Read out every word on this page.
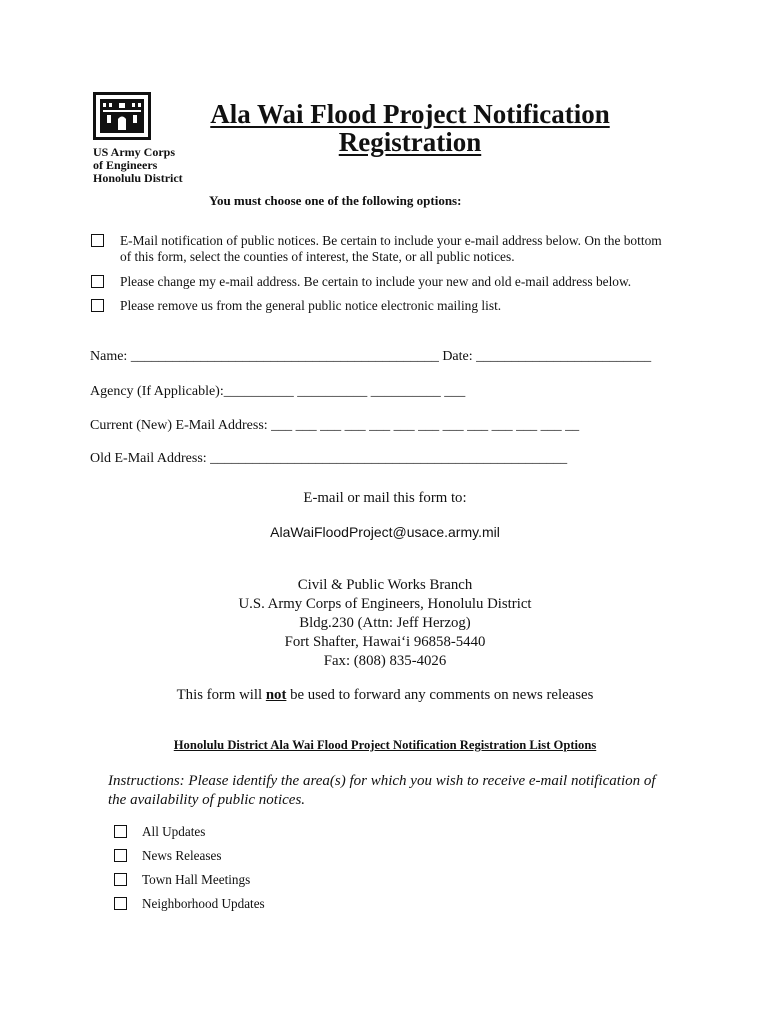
US Army Corps
of Engineers
Honolulu District
Ala Wai Flood Project Notification
Registration
You must choose one of the following options:
E-Mail notification of public notices. Be certain to include your e-mail address below. On the bottom
of this form, select the counties of interest, the State, or all public notices.
Please change my e-mail address. Be certain to include your new and old e-mail address below.
Please remove us from the general public notice electronic mailing list.
Name: ____________________________________________ Date: _________________________
Agency (If Applicable):__________ __________ __________ ___
Current (New) E-Mail Address: ___ ___ ___ ___ ___ ___ ___ ___ ___ ___ ___ ___ __
Old E-Mail Address: ___________________________________________________
E-mail or mail this form to:
AlaWaiFloodProject@usace.army.mil
Civil & Public Works Branch
U.S. Army Corps of Engineers, Honolulu District
Bldg.230 (Attn: Jeff Herzog)
Fort Shafter, Hawai‘i 96858-5440
Fax: (808) 835-4026
This form will not be used to forward any comments on news releases
Honolulu District Ala Wai Flood Project Notification Registration List Options
Instructions: Please identify the area(s) for which you wish to receive e-mail notification of
the availability of public notices.
All Updates
News Releases
Town Hall Meetings
Neighborhood Updates
